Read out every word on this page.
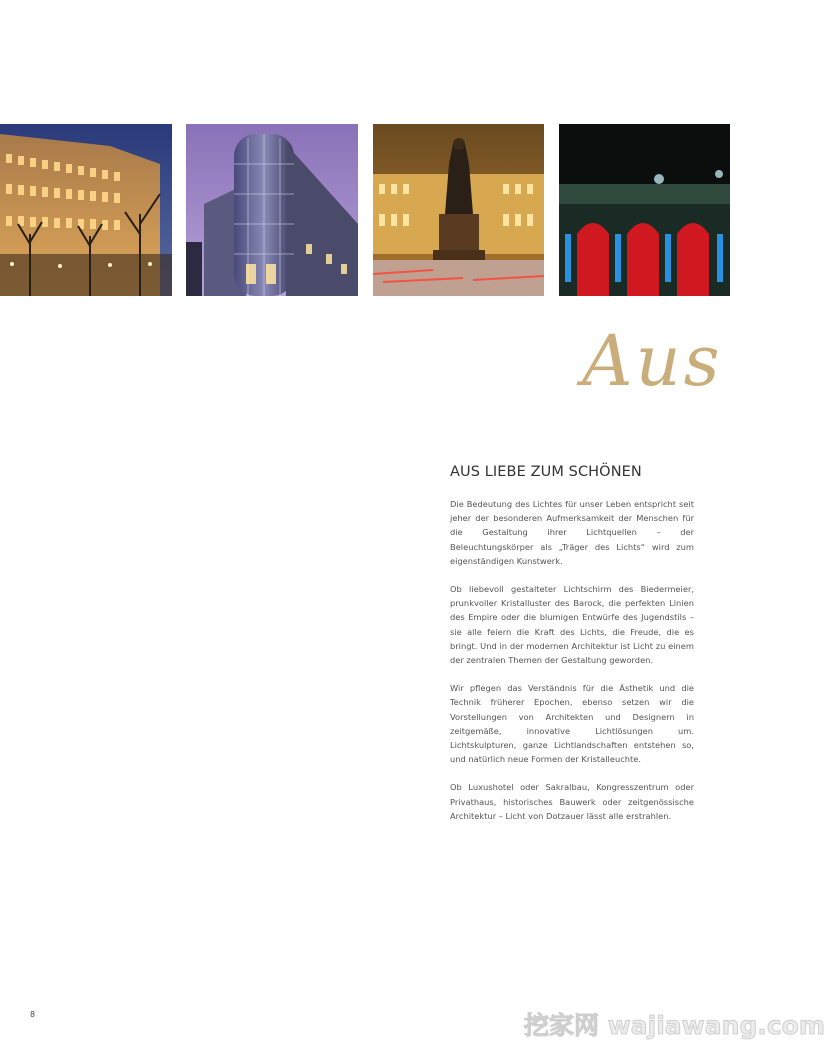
Aus
AUS LIEBE ZUM SCHÖNEN

Die Bedeutung des Lichtes für unser Leben entspricht seit jeher der besonderen Aufmerksamkeit der Menschen für die Gestaltung ihrer Lichtquellen – der Beleuchtungskörper als „Träger des Lichts“ wird zum eigenständigen Kunstwerk.

Ob liebevoll gestalteter Lichtschirm des Biedermeier, prunkvoller Kristalluster des Barock, die perfekten Linien des Empire oder die blumigen Entwürfe des Jugendstils – sie alle feiern die Kraft des Lichts, die Freude, die es bringt. Und in der modernen Architektur ist Licht zu einem der zentralen Themen der Gestaltung geworden.

Wir pflegen das Verständnis für die Ästhetik und die Technik früherer Epochen, ebenso setzen wir die Vorstellungen von Architekten und Designern in zeitgemäße, innovative Lichtlösungen um. Lichtskulpturen, ganze Lichtlandschaften entstehen so, und natürlich neue Formen der Kristalleuchte.

Ob Luxushotel oder Sakralbau, Kongresszentrum oder Privathaus, historisches Bauwerk oder zeitgenössische Architektur – Licht von Dotzauer lässt alle erstrahlen.

8	挖家网 wajiawang.com
